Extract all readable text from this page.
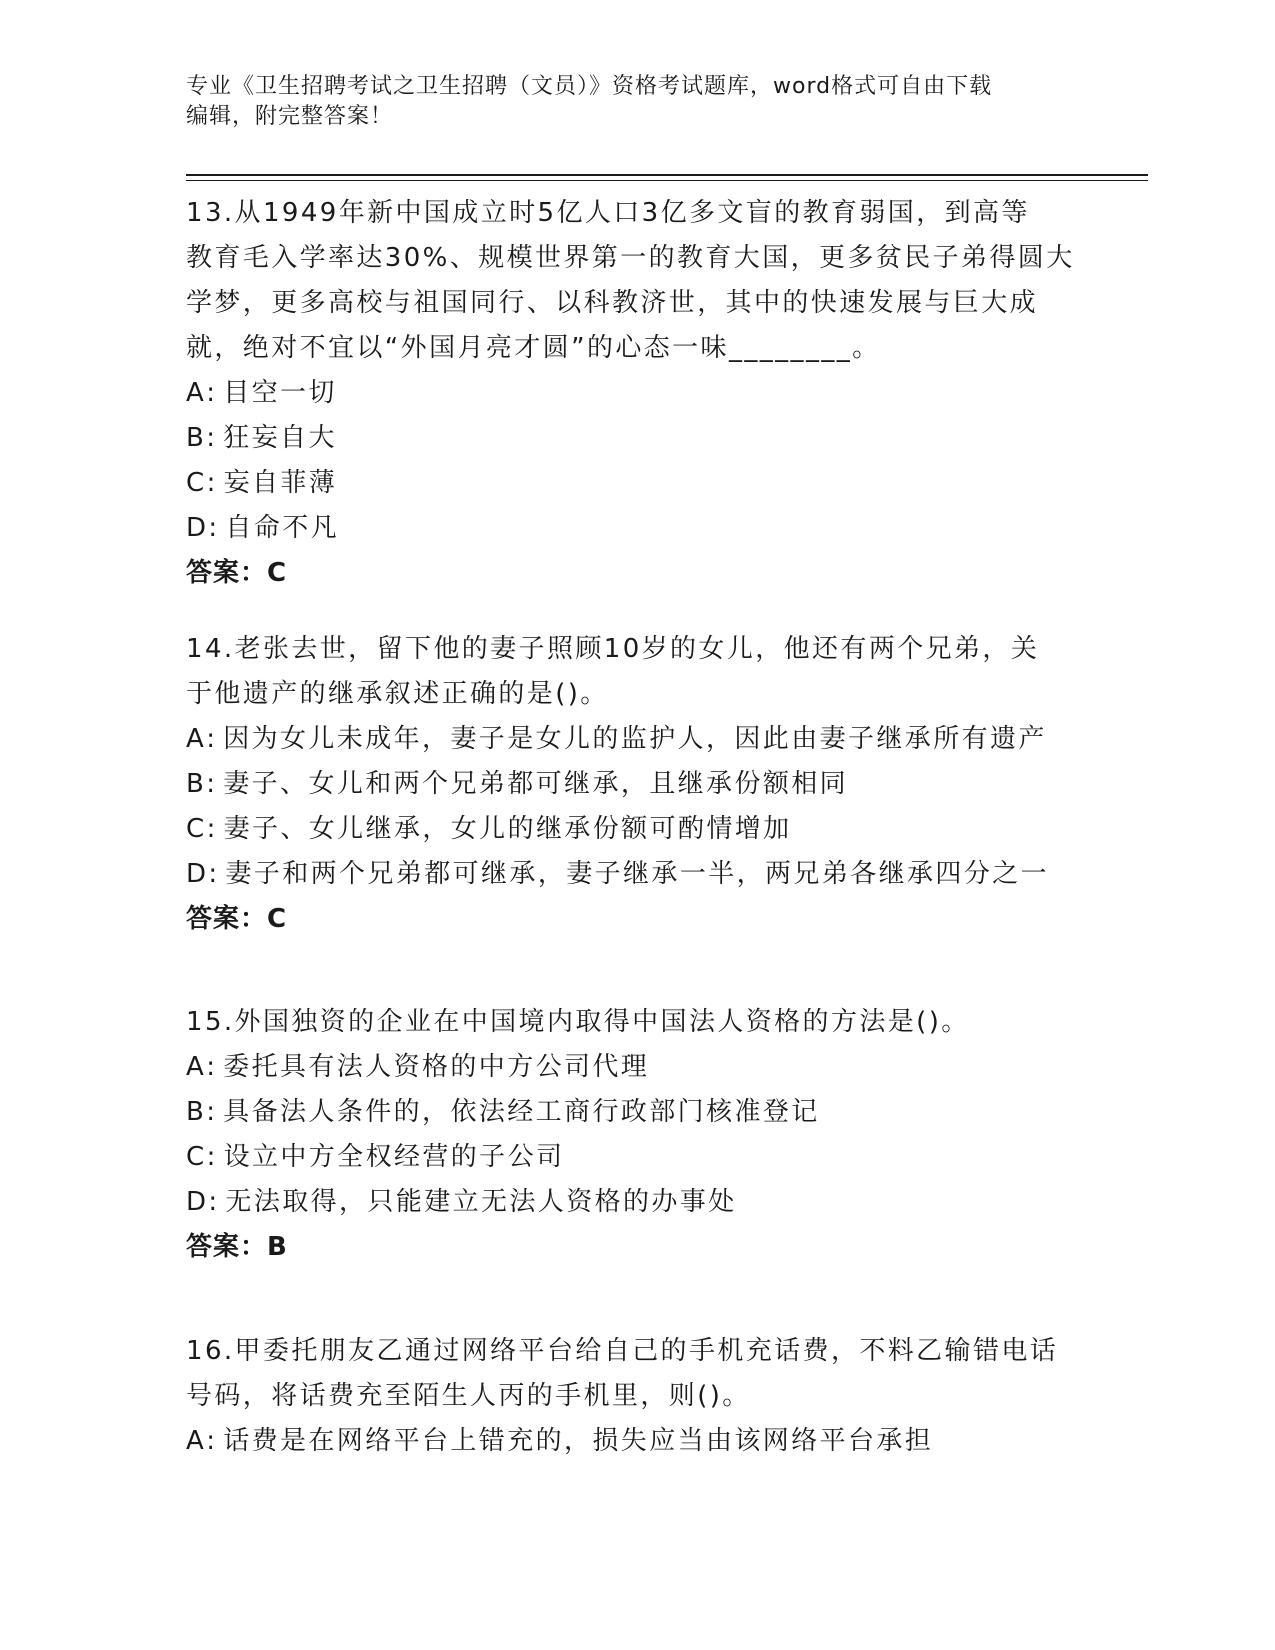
专业《卫生招聘考试之卫生招聘（文员）》资格考试题库，word格式可自由下载
编辑，附完整答案！
13.从1949年新中国成立时5亿人口3亿多文盲的教育弱国，到高等
教育毛入学率达30%、规模世界第一的教育大国，更多贫民子弟得圆大
学梦，更多高校与祖国同行、以科教济世，其中的快速发展与巨大成
就，绝对不宜以“外国月亮才圆”的心态一味________。
A: 目空一切
B: 狂妄自大
C: 妄自菲薄
D: 自命不凡
答案：C
14.老张去世，留下他的妻子照顾10岁的女儿，他还有两个兄弟，关
于他遗产的继承叙述正确的是()。
A: 因为女儿未成年，妻子是女儿的监护人，因此由妻子继承所有遗产
B: 妻子、女儿和两个兄弟都可继承，且继承份额相同
C: 妻子、女儿继承，女儿的继承份额可酌情增加
D: 妻子和两个兄弟都可继承，妻子继承一半，两兄弟各继承四分之一
答案：C
15.外国独资的企业在中国境内取得中国法人资格的方法是()。
A: 委托具有法人资格的中方公司代理
B: 具备法人条件的，依法经工商行政部门核准登记
C: 设立中方全权经营的子公司
D: 无法取得，只能建立无法人资格的办事处
答案：B
16.甲委托朋友乙通过网络平台给自己的手机充话费，不料乙输错电话
号码，将话费充至陌生人丙的手机里，则()。
A: 话费是在网络平台上错充的，损失应当由该网络平台承担
